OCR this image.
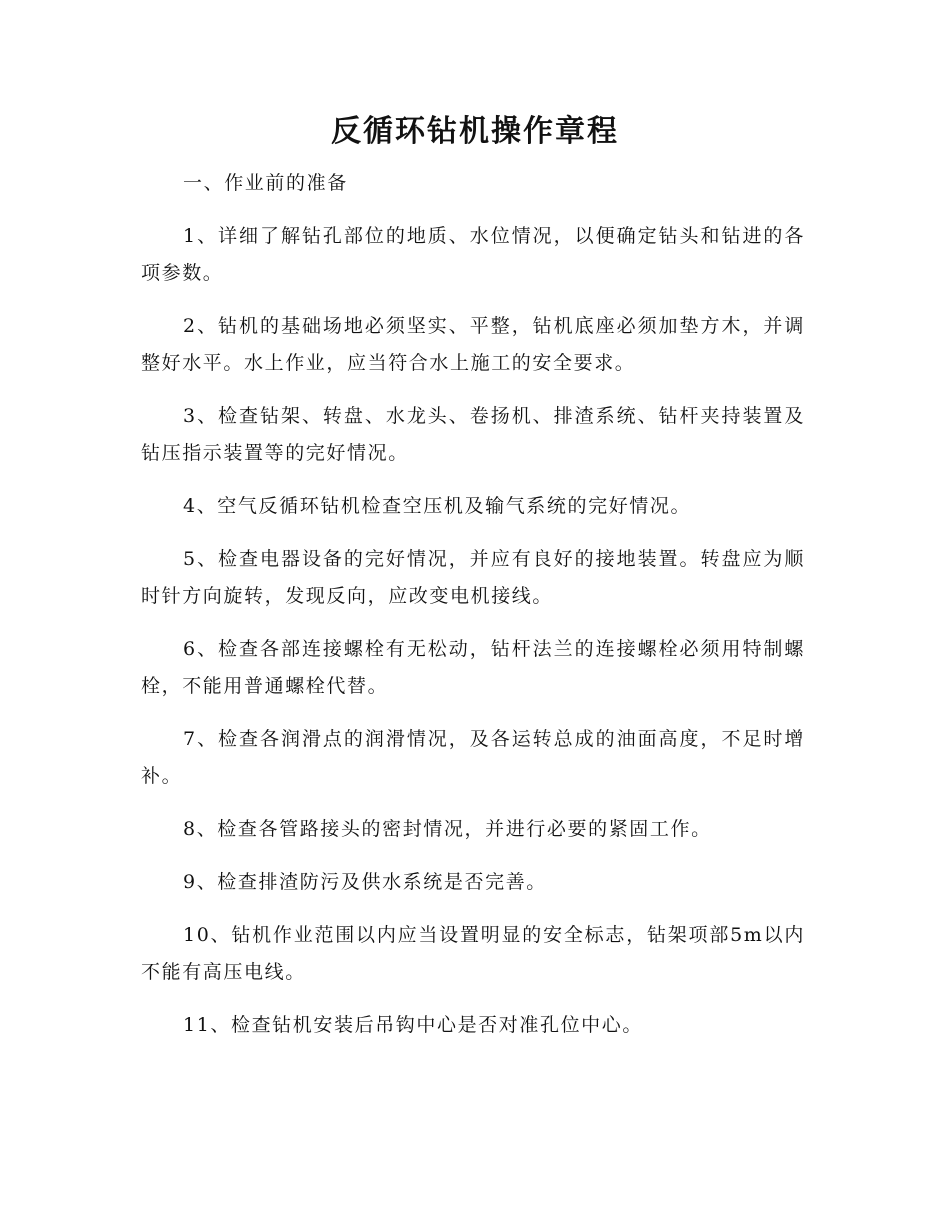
反循环钻机操作章程

一、作业前的准备

1、详细了解钻孔部位的地质、水位情况，以便确定钻头和钻进的各项参数。

2、钻机的基础场地必须坚实、平整，钻机底座必须加垫方木，并调整好水平。水上作业，应当符合水上施工的安全要求。

3、检查钻架、转盘、水龙头、卷扬机、排渣系统、钻杆夹持装置及钻压指示装置等的完好情况。

4、空气反循环钻机检查空压机及输气系统的完好情况。

5、检查电器设备的完好情况，并应有良好的接地装置。转盘应为顺时针方向旋转，发现反向，应改变电机接线。

6、检查各部连接螺栓有无松动，钻杆法兰的连接螺栓必须用特制螺栓，不能用普通螺栓代替。

7、检查各润滑点的润滑情况，及各运转总成的油面高度，不足时增补。

8、检查各管路接头的密封情况，并进行必要的紧固工作。

9、检查排渣防污及供水系统是否完善。

10、钻机作业范围以内应当设置明显的安全标志，钻架项部5m以内不能有高压电线。

11、检查钻机安装后吊钩中心是否对准孔位中心。
